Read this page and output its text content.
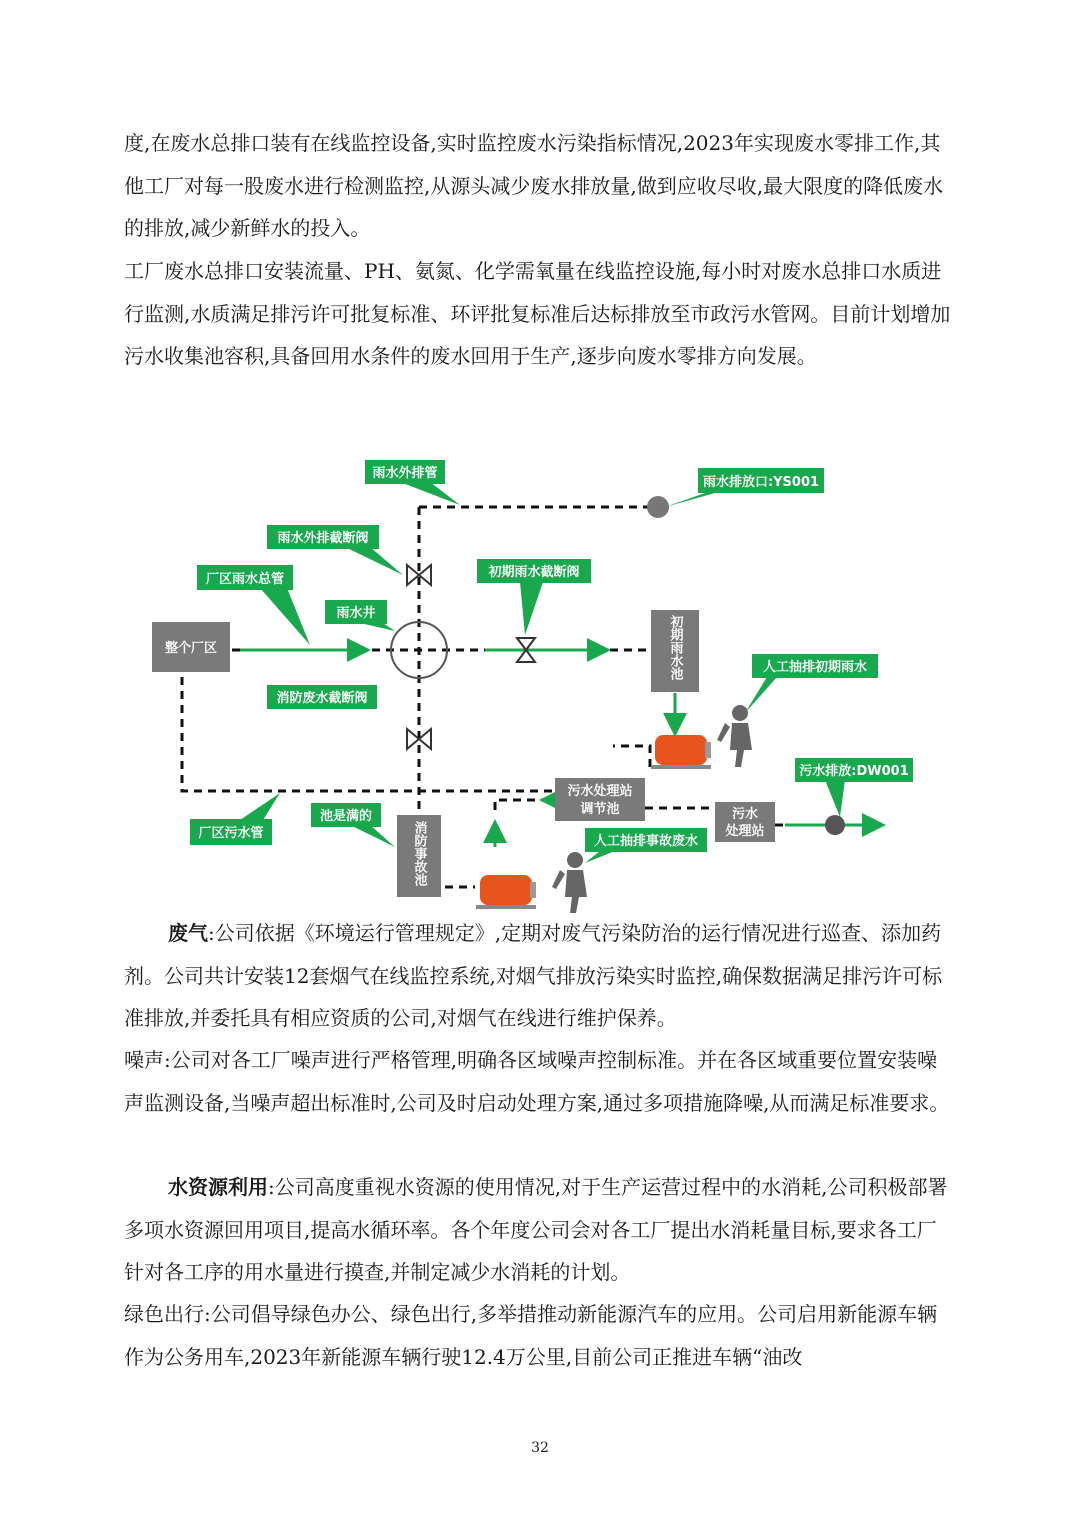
度,在废水总排口装有在线监控设备,实时监控废水污染指标情况,2023年实现废水零排工作,其他工厂对每一股废水进行检测监控,从源头减少废水排放量,做到应收尽收,最大限度的降低废水的排放,减少新鲜水的投入。

工厂废水总排口安装流量、PH、氨氮、化学需氧量在线监控设施,每小时对废水总排口水质进行监测,水质满足排污许可批复标准、环评批复标准后达标排放至市政污水管网。目前计划增加污水收集池容积,具备回用水条件的废水回用于生产,逐步向废水零排方向发展。

整个厂区	初期雨水池
污水处理站
调节池	污水
处理站
消防事故池
雨水外排管
雨水排放口:YS001
雨水外排截断阀
初期雨水截断阀
厂区雨水总管
雨水井
人工抽排初期雨水
消防废水截断阀
污水排放:DW001
厂区污水管
池是满的
人工抽排事故废水

废气:公司依据《环境运行管理规定》,定期对废气污染防治的运行情况进行巡查、添加药剂。公司共计安装12套烟气在线监控系统,对烟气排放污染实时监控,确保数据满足排污许可标准排放,并委托具有相应资质的公司,对烟气在线进行维护保养。

噪声:公司对各工厂噪声进行严格管理,明确各区域噪声控制标准。并在各区域重要位置安装噪声监测设备,当噪声超出标准时,公司及时启动处理方案,通过多项措施降噪,从而满足标准要求。

水资源利用:公司高度重视水资源的使用情况,对于生产运营过程中的水消耗,公司积极部署多项水资源回用项目,提高水循环率。各个年度公司会对各工厂提出水消耗量目标,要求各工厂针对各工序的用水量进行摸查,并制定减少水消耗的计划。

绿色出行:公司倡导绿色办公、绿色出行,多举措推动新能源汽车的应用。公司启用新能源车辆作为公务用车,2023年新能源车辆行驶12.4万公里,目前公司正推进车辆“油改

32
